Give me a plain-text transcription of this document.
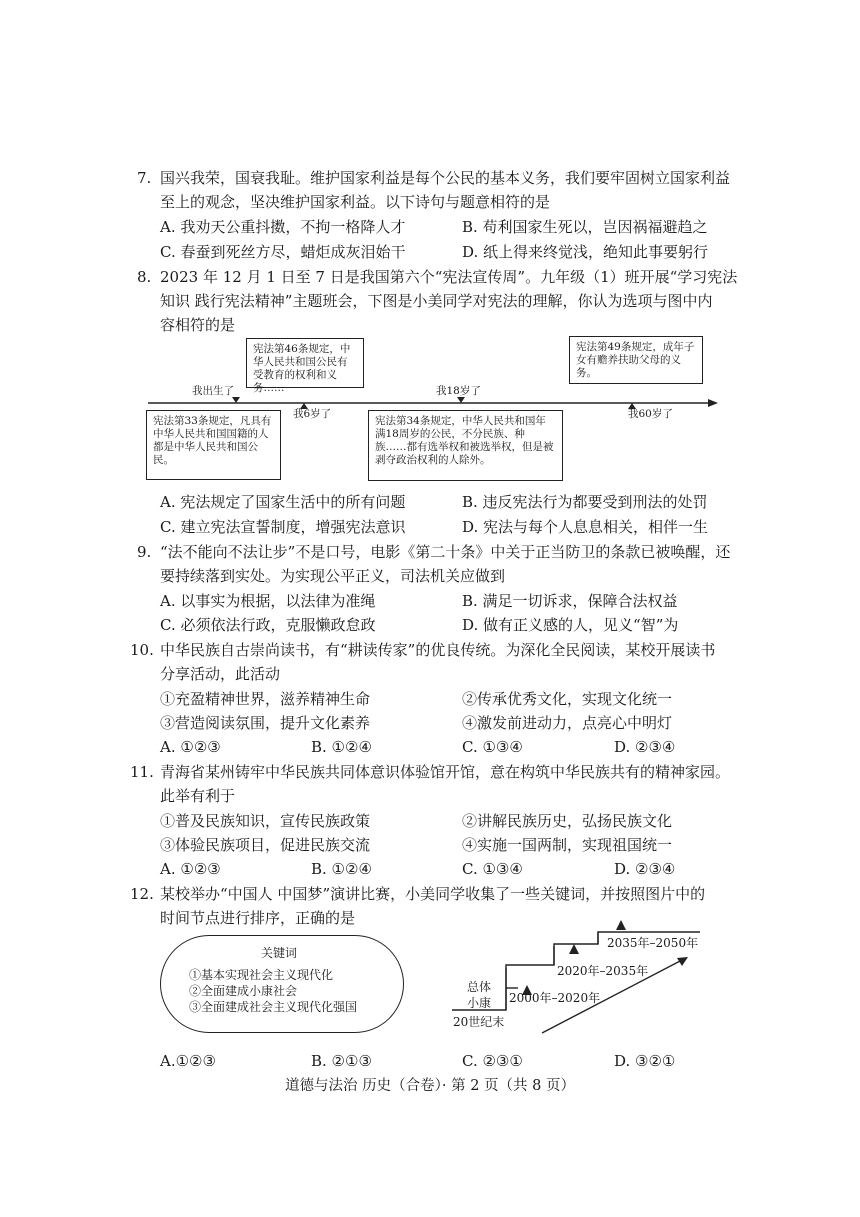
7. 国兴我荣，国衰我耻。维护国家利益是每个公民的基本义务，我们要牢固树立国家利益
至上的观念，坚决维护国家利益。以下诗句与题意相符的是
A. 我劝天公重抖擞，不拘一格降人才	B. 苟利国家生死以，岂因祸福避趋之
C. 春蚕到死丝方尽，蜡炬成灰泪始干	D. 纸上得来终觉浅，绝知此事要躬行
8. 2023 年 12 月 1 日至 7 日是我国第六个“宪法宣传周”。九年级（1）班开展“学习宪法
知识 践行宪法精神”主题班会，下图是小美同学对宪法的理解，你认为选项与图中内
容相符的是
宪法第46条规定，中华人民共和国公民有受教育的权利和义务……
宪法第49条规定，成年子女有赡养扶助父母的义务。
宪法第33条规定，凡具有中华人民共和国国籍的人都是中华人民共和国公民。
宪法第34条规定，中华人民共和国年满18周岁的公民，不分民族、种族……都有选举权和被选举权，但是被剥夺政治权利的人除外。
我出生了
我6岁了
我18岁了
我60岁了
A. 宪法规定了国家生活中的所有问题	B. 违反宪法行为都要受到刑法的处罚
C. 建立宪法宣誓制度，增强宪法意识	D. 宪法与每个人息息相关，相伴一生
9. “法不能向不法让步”不是口号，电影《第二十条》中关于正当防卫的条款已被唤醒，还
要持续落到实处。为实现公平正义，司法机关应做到
A. 以事实为根据，以法律为准绳	B. 满足一切诉求，保障合法权益
C. 必须依法行政，克服懒政怠政	D. 做有正义感的人，见义“智”为
10. 中华民族自古崇尚读书，有“耕读传家”的优良传统。为深化全民阅读，某校开展读书
分享活动，此活动
①充盈精神世界，滋养精神生命	②传承优秀文化，实现文化统一
③营造阅读氛围，提升文化素养	④激发前进动力，点亮心中明灯
A. ①②③	B. ①②④	C. ①③④	D. ②③④
11. 青海省某州铸牢中华民族共同体意识体验馆开馆，意在构筑中华民族共有的精神家园。
此举有利于
①普及民族知识，宣传民族政策	②讲解民族历史，弘扬民族文化
③体验民族项目，促进民族交流	④实施一国两制，实现祖国统一
A. ①②③	B. ①②④	C. ①③④	D. ②③④
12. 某校举办“中国人 中国梦”演讲比赛，小美同学收集了一些关键词，并按照图片中的
时间节点进行排序，正确的是
关键词
①基本实现社会主义现代化
②全面建成小康社会
③全面建成社会主义现代化强国
总体
小康
20世纪末
2000年–2020年
2020年–2035年
2035年–2050年
A.①②③	B. ②①③	C. ②③①	D. ③②①
道德与法治 历史（合卷）· 第 2 页（共 8 页）
